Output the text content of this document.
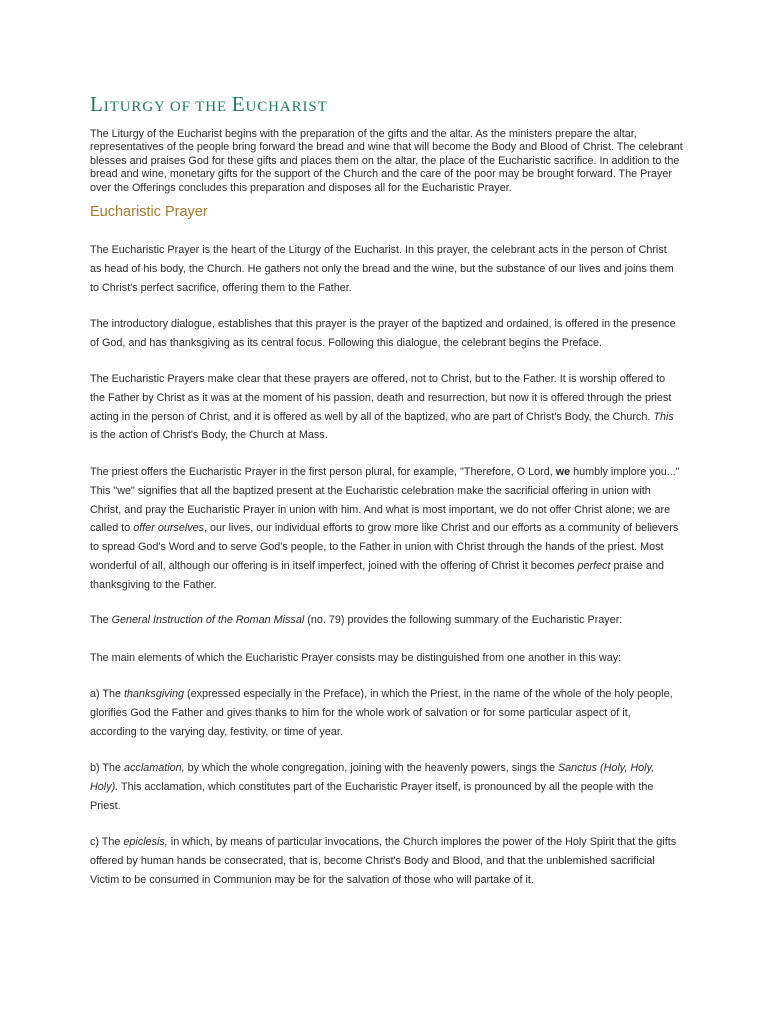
LITURGY OF THE EUCHARIST

The Liturgy of the Eucharist begins with the preparation of the gifts and the altar. As the ministers prepare the altar, representatives of the people bring forward the bread and wine that will become the Body and Blood of Christ. The celebrant blesses and praises God for these gifts and places them on the altar, the place of the Eucharistic sacrifice. In addition to the bread and wine, monetary gifts for the support of the Church and the care of the poor may be brought forward. The Prayer over the Offerings concludes this preparation and disposes all for the Eucharistic Prayer.

Eucharistic Prayer

The Eucharistic Prayer is the heart of the Liturgy of the Eucharist. In this prayer, the celebrant acts in the person of Christ as head of his body, the Church. He gathers not only the bread and the wine, but the substance of our lives and joins them to Christ's perfect sacrifice, offering them to the Father.

The introductory dialogue, establishes that this prayer is the prayer of the baptized and ordained, is offered in the presence of God, and has thanksgiving as its central focus. Following this dialogue, the celebrant begins the Preface.

The Eucharistic Prayers make clear that these prayers are offered, not to Christ, but to the Father. It is worship offered to the Father by Christ as it was at the moment of his passion, death and resurrection, but now it is offered through the priest acting in the person of Christ, and it is offered as well by all of the baptized, who are part of Christ's Body, the Church. This is the action of Christ's Body, the Church at Mass.

The priest offers the Eucharistic Prayer in the first person plural, for example, "Therefore, O Lord, we humbly implore you..." This "we" signifies that all the baptized present at the Eucharistic celebration make the sacrificial offering in union with Christ, and pray the Eucharistic Prayer in union with him. And what is most important, we do not offer Christ alone; we are called to offer ourselves, our lives, our individual efforts to grow more like Christ and our efforts as a community of believers to spread God's Word and to serve God's people, to the Father in union with Christ through the hands of the priest. Most wonderful of all, although our offering is in itself imperfect, joined with the offering of Christ it becomes perfect praise and thanksgiving to the Father.

The General Instruction of the Roman Missal (no. 79) provides the following summary of the Eucharistic Prayer:

The main elements of which the Eucharistic Prayer consists may be distinguished from one another in this way:

a) The thanksgiving (expressed especially in the Preface), in which the Priest, in the name of the whole of the holy people, glorifies God the Father and gives thanks to him for the whole work of salvation or for some particular aspect of it, according to the varying day, festivity, or time of year.

b) The acclamation, by which the whole congregation, joining with the heavenly powers, sings the Sanctus (Holy, Holy, Holy). This acclamation, which constitutes part of the Eucharistic Prayer itself, is pronounced by all the people with the Priest.

c) The epiclesis, in which, by means of particular invocations, the Church implores the power of the Holy Spirit that the gifts offered by human hands be consecrated, that is, become Christ's Body and Blood, and that the unblemished sacrificial Victim to be consumed in Communion may be for the salvation of those who will partake of it.
